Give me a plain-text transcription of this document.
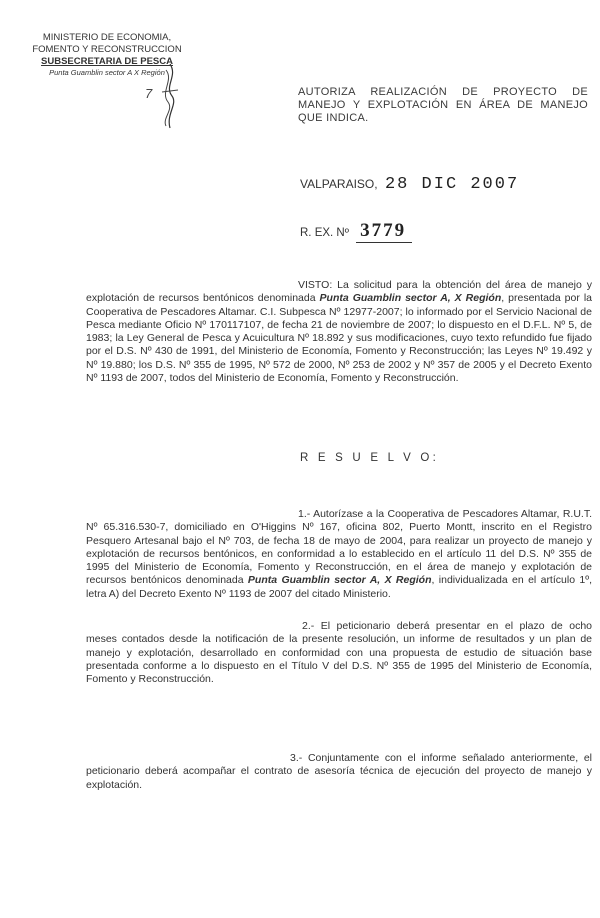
MINISTERIO DE ECONOMIA,
FOMENTO Y RECONSTRUCCION
SUBSECRETARIA DE PESCA
Punta Guamblin sector A X Región
7	AUTORIZA REALIZACIÓN DE PROYECTO DE MANEJO Y EXPLOTACIÓN EN ÁREA DE MANEJO QUE INDICA.
VALPARAISO, 28 DIC 2007
R. EX. Nº 3779
VISTO: La solicitud para la obtención del área de manejo y explotación de recursos bentónicos denominada Punta Guamblin sector A, X Región, presentada por la Cooperativa de Pescadores Altamar. C.I. Subpesca Nº 12977-2007; lo informado por el Servicio Nacional de Pesca mediante Oficio Nº 170117107, de fecha 21 de noviembre de 2007; lo dispuesto en el D.F.L. Nº 5, de 1983; la Ley General de Pesca y Acuicultura Nº 18.892 y sus modificaciones, cuyo texto refundido fue fijado por el D.S. Nº 430 de 1991, del Ministerio de Economía, Fomento y Reconstrucción; las Leyes Nº 19.492 y Nº 19.880; los D.S. Nº 355 de 1995, Nº 572 de 2000, Nº 253 de 2002 y Nº 357 de 2005 y el Decreto Exento Nº 1193 de 2007, todos del Ministerio de Economía, Fomento y Reconstrucción.
R E S U E L V O:
1.- Autorízase a la Cooperativa de Pescadores Altamar, R.U.T. Nº 65.316.530-7, domiciliado en O'Higgins Nº 167, oficina 802, Puerto Montt, inscrito en el Registro Pesquero Artesanal bajo el Nº 703, de fecha 18 de mayo de 2004, para realizar un proyecto de manejo y explotación de recursos bentónicos, en conformidad a lo establecido en el artículo 11 del D.S. Nº 355 de 1995 del Ministerio de Economía, Fomento y Reconstrucción, en el área de manejo y explotación de recursos bentónicos denominada Punta Guamblin sector A, X Región, individualizada en el artículo 1º, letra A) del Decreto Exento Nº 1193 de 2007 del citado Ministerio.
2.- El peticionario deberá presentar en el plazo de ocho meses contados desde la notificación de la presente resolución, un informe de resultados y un plan de manejo y explotación, desarrollado en conformidad con una propuesta de estudio de situación base presentada conforme a lo dispuesto en el Título V del D.S. Nº 355 de 1995 del Ministerio de Economía, Fomento y Reconstrucción.
3.- Conjuntamente con el informe señalado anteriormente, el peticionario deberá acompañar el contrato de asesoría técnica de ejecución del proyecto de manejo y explotación.
